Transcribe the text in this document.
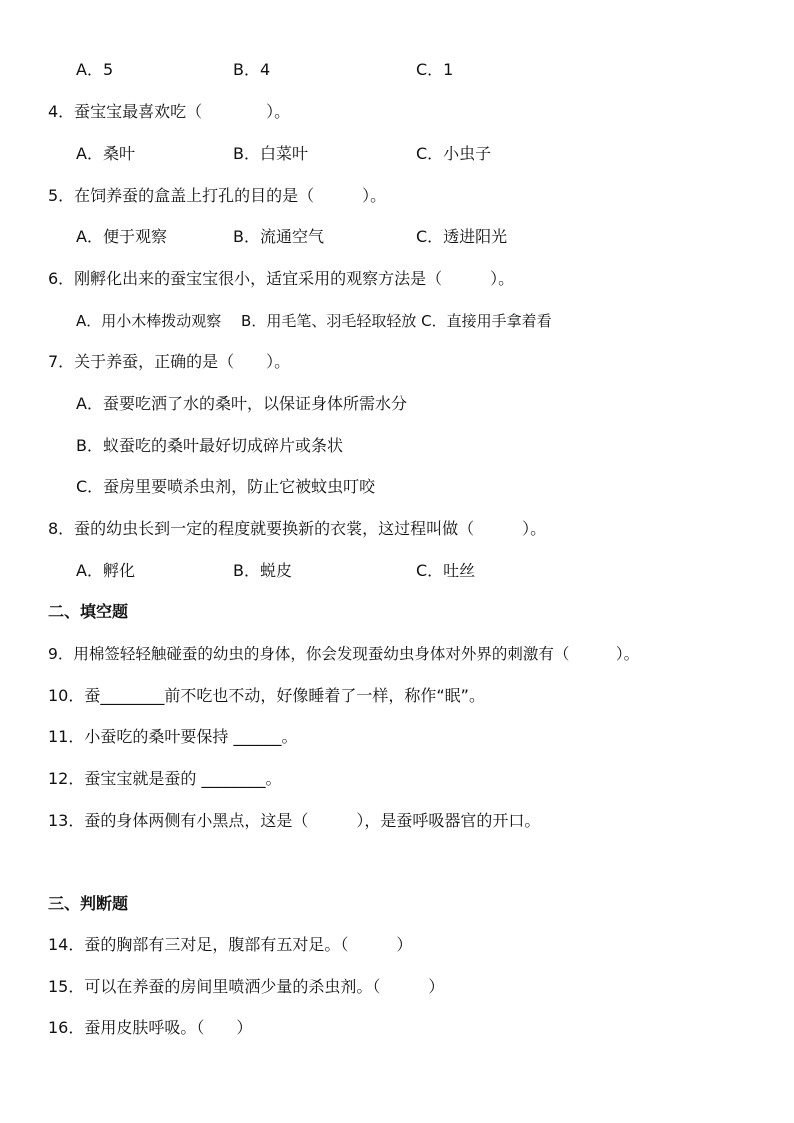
A．5	B．4	C．1
4．蚕宝宝最喜欢吃（　　　　）。
A．桑叶	B．白菜叶	C．小虫子
5．在饲养蚕的盒盖上打孔的目的是（　　　）。
A．便于观察	B．流通空气	C．透进阳光
6．刚孵化出来的蚕宝宝很小，适宜采用的观察方法是（　　　）。
A．用小木棒拨动观察　 B．用毛笔、羽毛轻取轻放 C．直接用手拿着看
7．关于养蚕，正确的是（　　）。
A．蚕要吃洒了水的桑叶，以保证身体所需水分
B．蚁蚕吃的桑叶最好切成碎片或条状
C．蚕房里要喷杀虫剂，防止它被蚊虫叮咬
8．蚕的幼虫长到一定的程度就要换新的衣裳，这过程叫做（　　　）。
A．孵化	B．蜕皮	C．吐丝
二、填空题
9．用棉签轻轻触碰蚕的幼虫的身体，你会发现蚕幼虫身体对外界的刺激有（　　　）。
10．蚕________前不吃也不动，好像睡着了一样，称作“眠”。
11．小蚕吃的桑叶要保持 ______。
12．蚕宝宝就是蚕的 ________。
13．蚕的身体两侧有小黑点，这是（　　　），是蚕呼吸器官的开口。
三、判断题
14．蚕的胸部有三对足，腹部有五对足。（　　　）
15．可以在养蚕的房间里喷洒少量的杀虫剂。（　　　）
16．蚕用皮肤呼吸。（　　）
